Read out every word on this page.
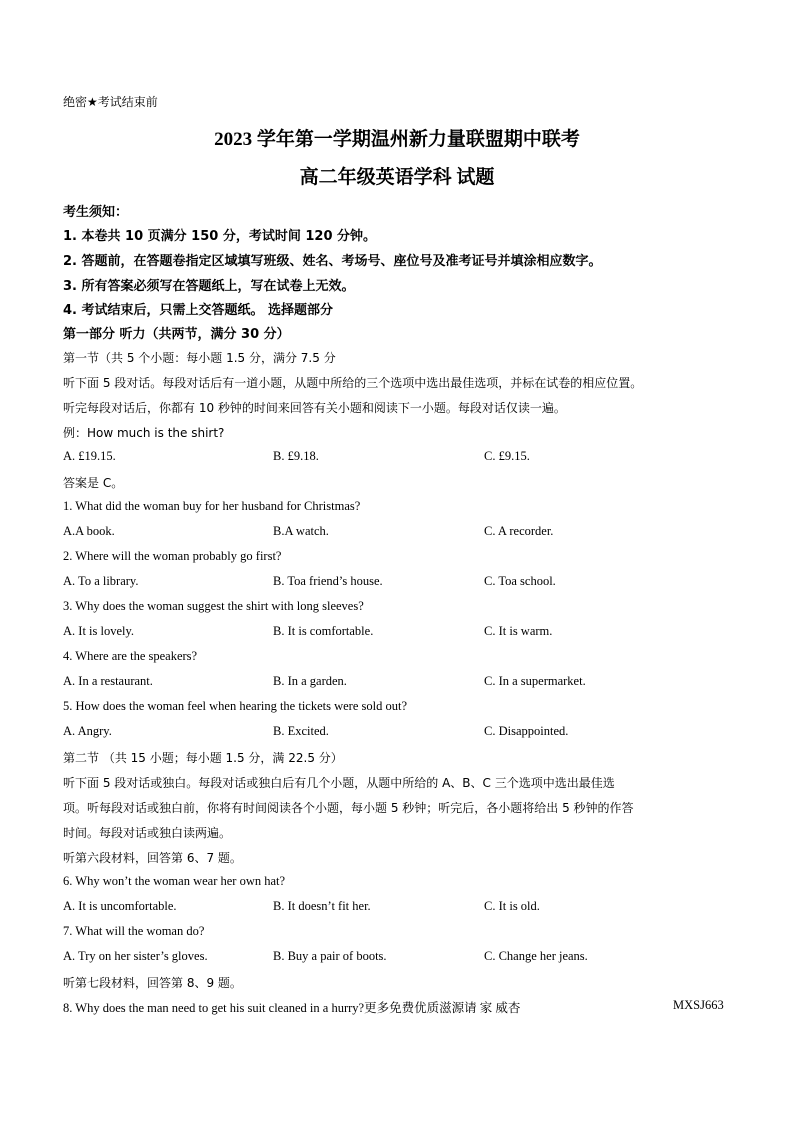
绝密★考试结束前
2023 学年第一学期温州新力量联盟期中联考
高二年级英语学科 试题
考生须知：
1. 本卷共 10 页满分 150 分，考试时间 120 分钟。
2. 答题前，在答题卷指定区域填写班级、姓名、考场号、座位号及准考证号并填涂相应数字。
3. 所有答案必须写在答题纸上，写在试卷上无效。
4. 考试结束后，只需上交答题纸。 选择题部分
第一部分 听力（共两节，满分 30 分）
第一节（共 5 个小题：每小题 1.5 分，满分 7.5 分
听下面 5 段对话。每段对话后有一道小题，从题中所给的三个选项中选出最佳选项，并标在试卷的相应位置。
听完每段对话后，你都有 10 秒钟的时间来回答有关小题和阅读下一小题。每段对话仅读一遍。
例：How much is the shirt?
A. £19.15.	B. £9.18.	C. £9.15.
答案是 C。
1. What did the woman buy for her husband for Christmas?
A.A book.	B.A watch.	C. A recorder.
2. Where will the woman probably go first?
A. To a library.	B. Toa friend’s house.	C. Toa school.
3. Why does the woman suggest the shirt with long sleeves?
A. It is lovely.	B. It is comfortable.	C. It is warm.
4. Where are the speakers?
A. In a restaurant.	B. In a garden.	C. In a supermarket.
5. How does the woman feel when hearing the tickets were sold out?
A. Angry.	B. Excited.	C. Disappointed.
第二节 （共 15 小题；每小题 1.5 分，满 22.5 分）
听下面 5 段对话或独白。每段对话或独白后有几个小题，从题中所给的 A、B、C 三个选项中选出最佳选
项。听每段对话或独白前，你将有时间阅读各个小题，每小题 5 秒钟；听完后，各小题将给出 5 秒钟的作答
时间。每段对话或独白读两遍。
听第六段材料，回答第 6、7 题。
6. Why won’t the woman wear her own hat?
A. It is uncomfortable.	B. It doesn’t fit her.	C. It is old.
7. What will the woman do?
A. Try on her sister’s gloves.	B. Buy a pair of boots.	C. Change her jeans.
听第七段材料，回答第 8、9 题。
8. Why does the man need to get his suit cleaned in a hurry?更多免费优质滋源请 家 威杏	MXSJ663
